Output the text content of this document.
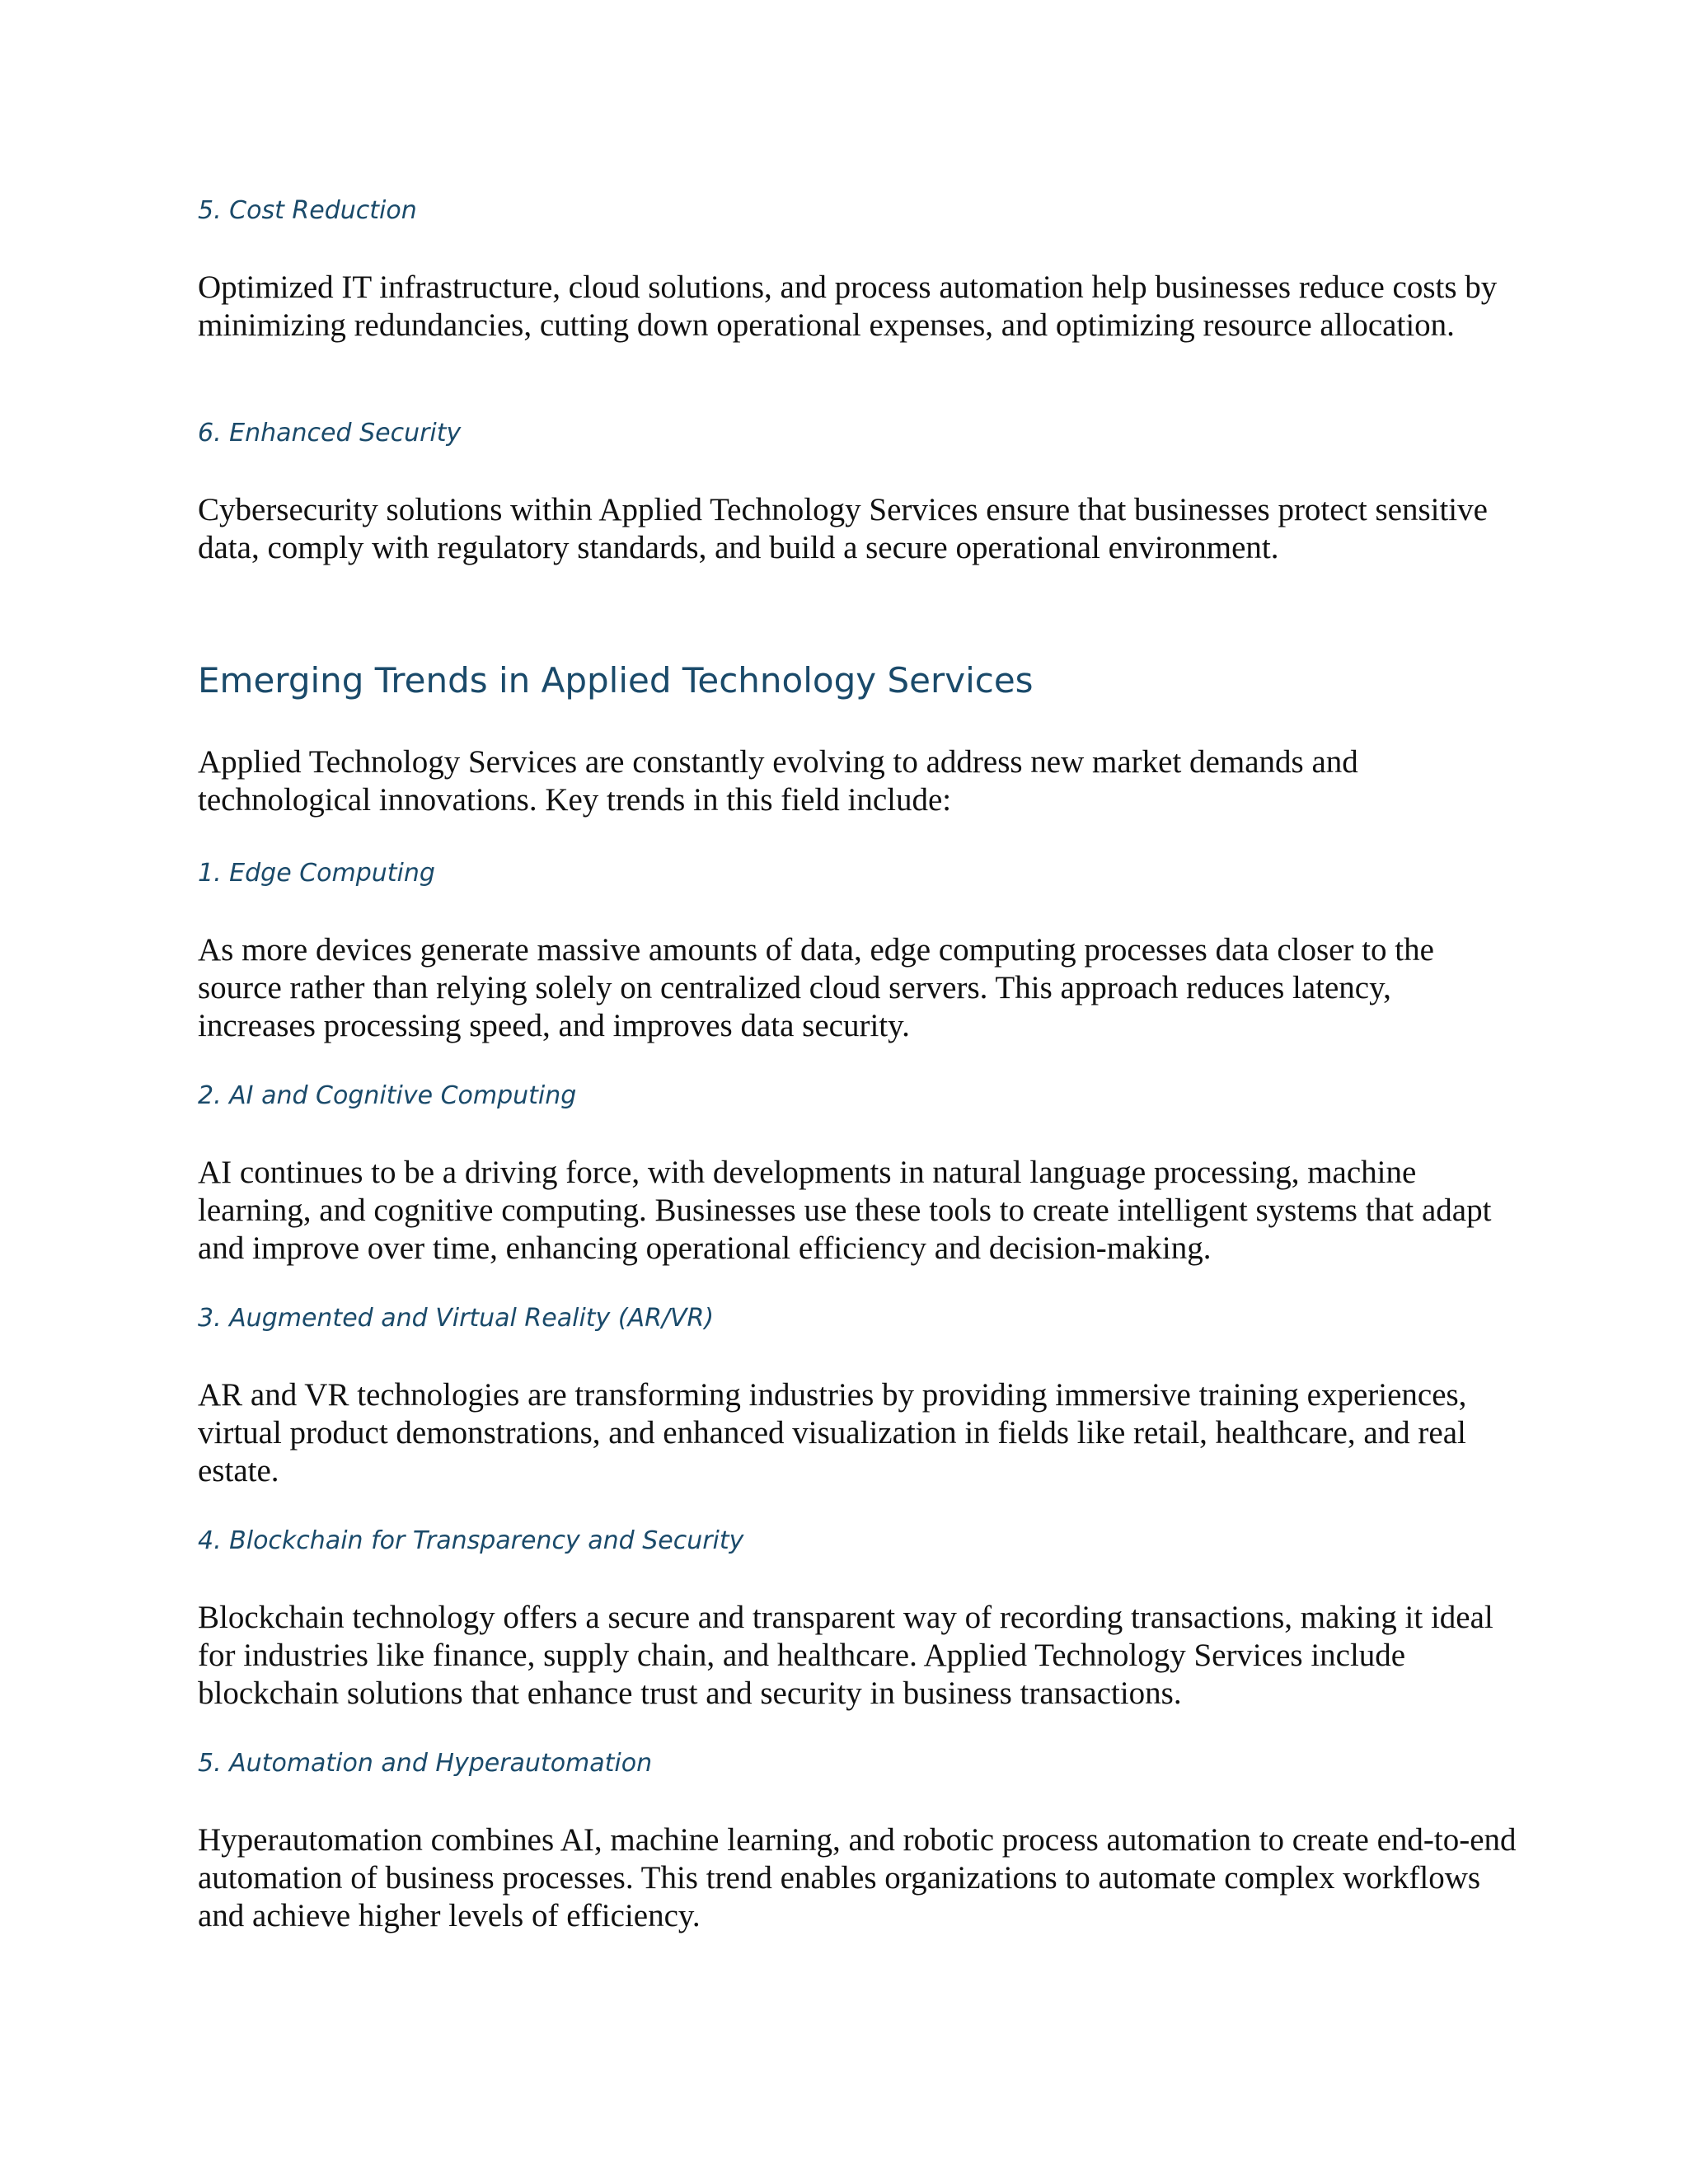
5. Cost Reduction

Optimized IT infrastructure, cloud solutions, and process automation help businesses reduce costs by minimizing redundancies, cutting down operational expenses, and optimizing resource allocation.

6. Enhanced Security

Cybersecurity solutions within Applied Technology Services ensure that businesses protect sensitive data, comply with regulatory standards, and build a secure operational environment.

Emerging Trends in Applied Technology Services

Applied Technology Services are constantly evolving to address new market demands and technological innovations. Key trends in this field include:

1. Edge Computing

As more devices generate massive amounts of data, edge computing processes data closer to the source rather than relying solely on centralized cloud servers. This approach reduces latency, increases processing speed, and improves data security.

2. AI and Cognitive Computing

AI continues to be a driving force, with developments in natural language processing, machine learning, and cognitive computing. Businesses use these tools to create intelligent systems that adapt and improve over time, enhancing operational efficiency and decision-making.

3. Augmented and Virtual Reality (AR/VR)

AR and VR technologies are transforming industries by providing immersive training experiences, virtual product demonstrations, and enhanced visualization in fields like retail, healthcare, and real estate.

4. Blockchain for Transparency and Security

Blockchain technology offers a secure and transparent way of recording transactions, making it ideal for industries like finance, supply chain, and healthcare. Applied Technology Services include blockchain solutions that enhance trust and security in business transactions.

5. Automation and Hyperautomation

Hyperautomation combines AI, machine learning, and robotic process automation to create end-to-end automation of business processes. This trend enables organizations to automate complex workflows and achieve higher levels of efficiency.
